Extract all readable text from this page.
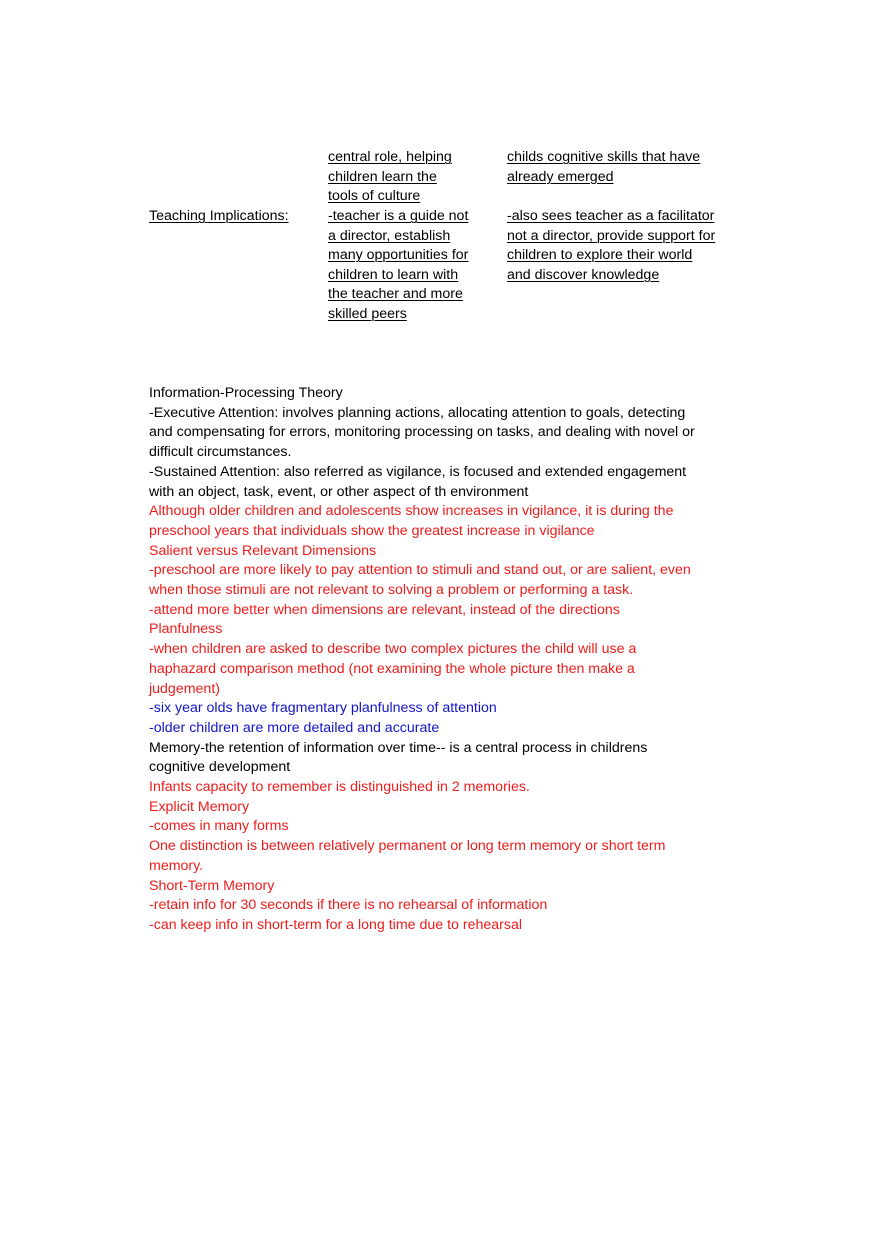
central role, helping
children learn the
tools of culture
childs cognitive skills that have
already emerged
Teaching Implications:	-teacher is a guide not
a director, establish
many opportunities for
children to learn with
the teacher and more
skilled peers
-also sees teacher as a facilitator
not a director, provide support for
children to explore their world
and discover knowledge
Information-Processing Theory
-Executive Attention: involves planning actions, allocating attention to goals, detecting
and compensating for errors, monitoring processing on tasks, and dealing with novel or
difficult circumstances.
-Sustained Attention: also referred as vigilance, is focused and extended engagement
with an object, task, event, or other aspect of th environment
Although older children and adolescents show increases in vigilance, it is during the
preschool years that individuals show the greatest increase in vigilance
Salient versus Relevant Dimensions
-preschool are more likely to pay attention to stimuli and stand out, or are salient, even
when those stimuli are not relevant to solving a problem or performing a task.
-attend more better when dimensions are relevant, instead of the directions
Planfulness
-when children are asked to describe two complex pictures the child will use a
haphazard comparison method (not examining the whole picture then make a
judgement)
-six year olds have fragmentary planfulness of attention
-older children are more detailed and accurate
Memory-the retention of information over time-- is a central process in childrens
cognitive development
Infants capacity to remember is distinguished in 2 memories.
Explicit Memory
-comes in many forms
One distinction is between relatively permanent or long term memory or short term
memory.
Short-Term Memory
-retain info for 30 seconds if there is no rehearsal of information
-can keep info in short-term for a long time due to rehearsal
